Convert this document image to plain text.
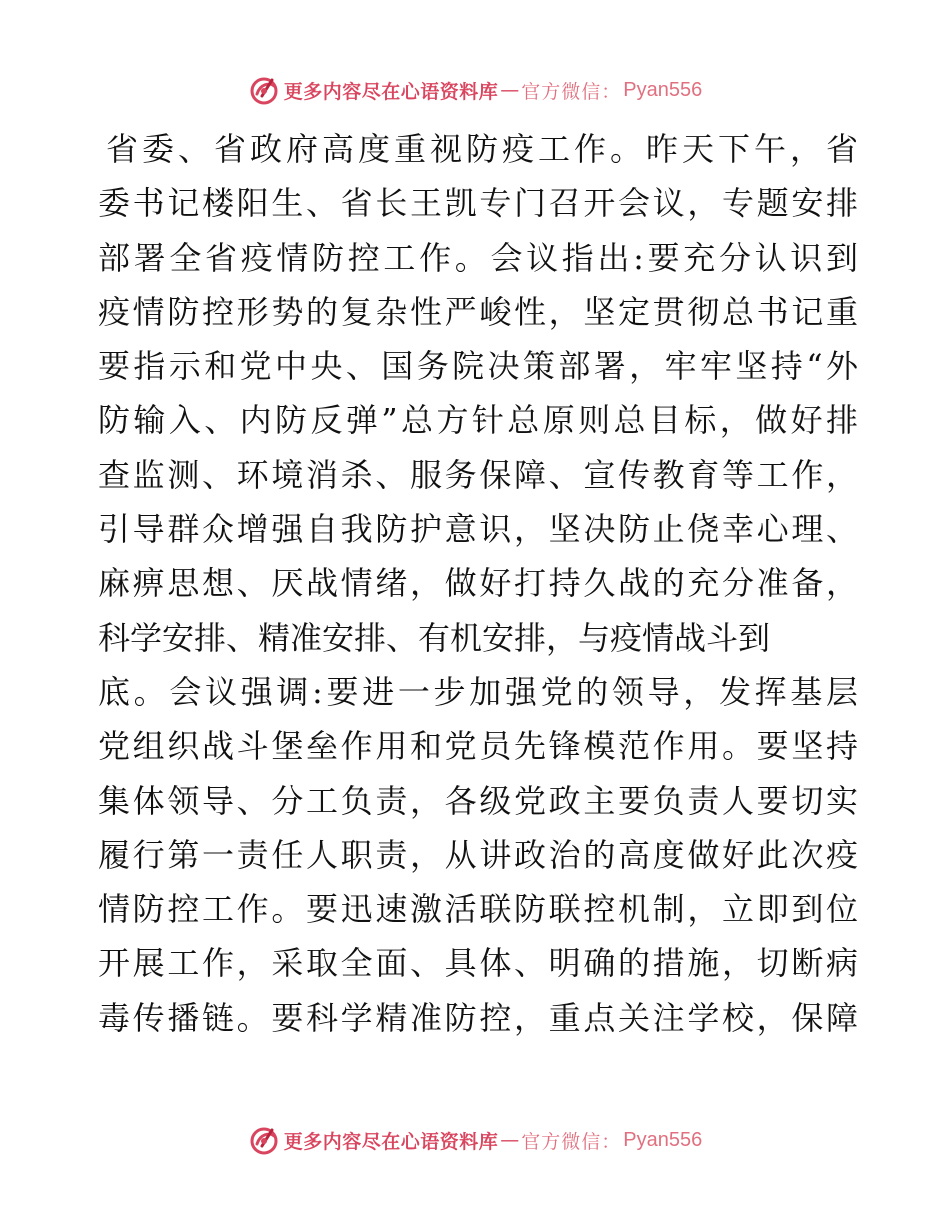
更多内容尽在心语资料库 — 官方微信： Pyan556
省委、省政府高度重视防疫工作。昨天下午，省
委书记楼阳生、省长王凯专门召开会议，专题安排
部署全省疫情防控工作。会议指出:要充分认识到
疫情防控形势的复杂性严峻性，坚定贯彻总书记重
要指示和党中央、国务院决策部署，牢牢坚持“外
防输入、内防反弹”总方针总原则总目标，做好排
查监测、环境消杀、服务保障、宣传教育等工作，
引导群众增强自我防护意识，坚决防止侥幸心理、
麻痹思想、厌战情绪，做好打持久战的充分准备，
科学安排、精准安排、有机安排，与疫情战斗到
底。会议强调:要进一步加强党的领导，发挥基层
党组织战斗堡垒作用和党员先锋模范作用。要坚持
集体领导、分工负责，各级党政主要负责人要切实
履行第一责任人职责，从讲政治的高度做好此次疫
情防控工作。要迅速激活联防联控机制，立即到位
开展工作，采取全面、具体、明确的措施，切断病
毒传播链。要科学精准防控，重点关注学校，保障
更多内容尽在心语资料库 — 官方微信： Pyan556
